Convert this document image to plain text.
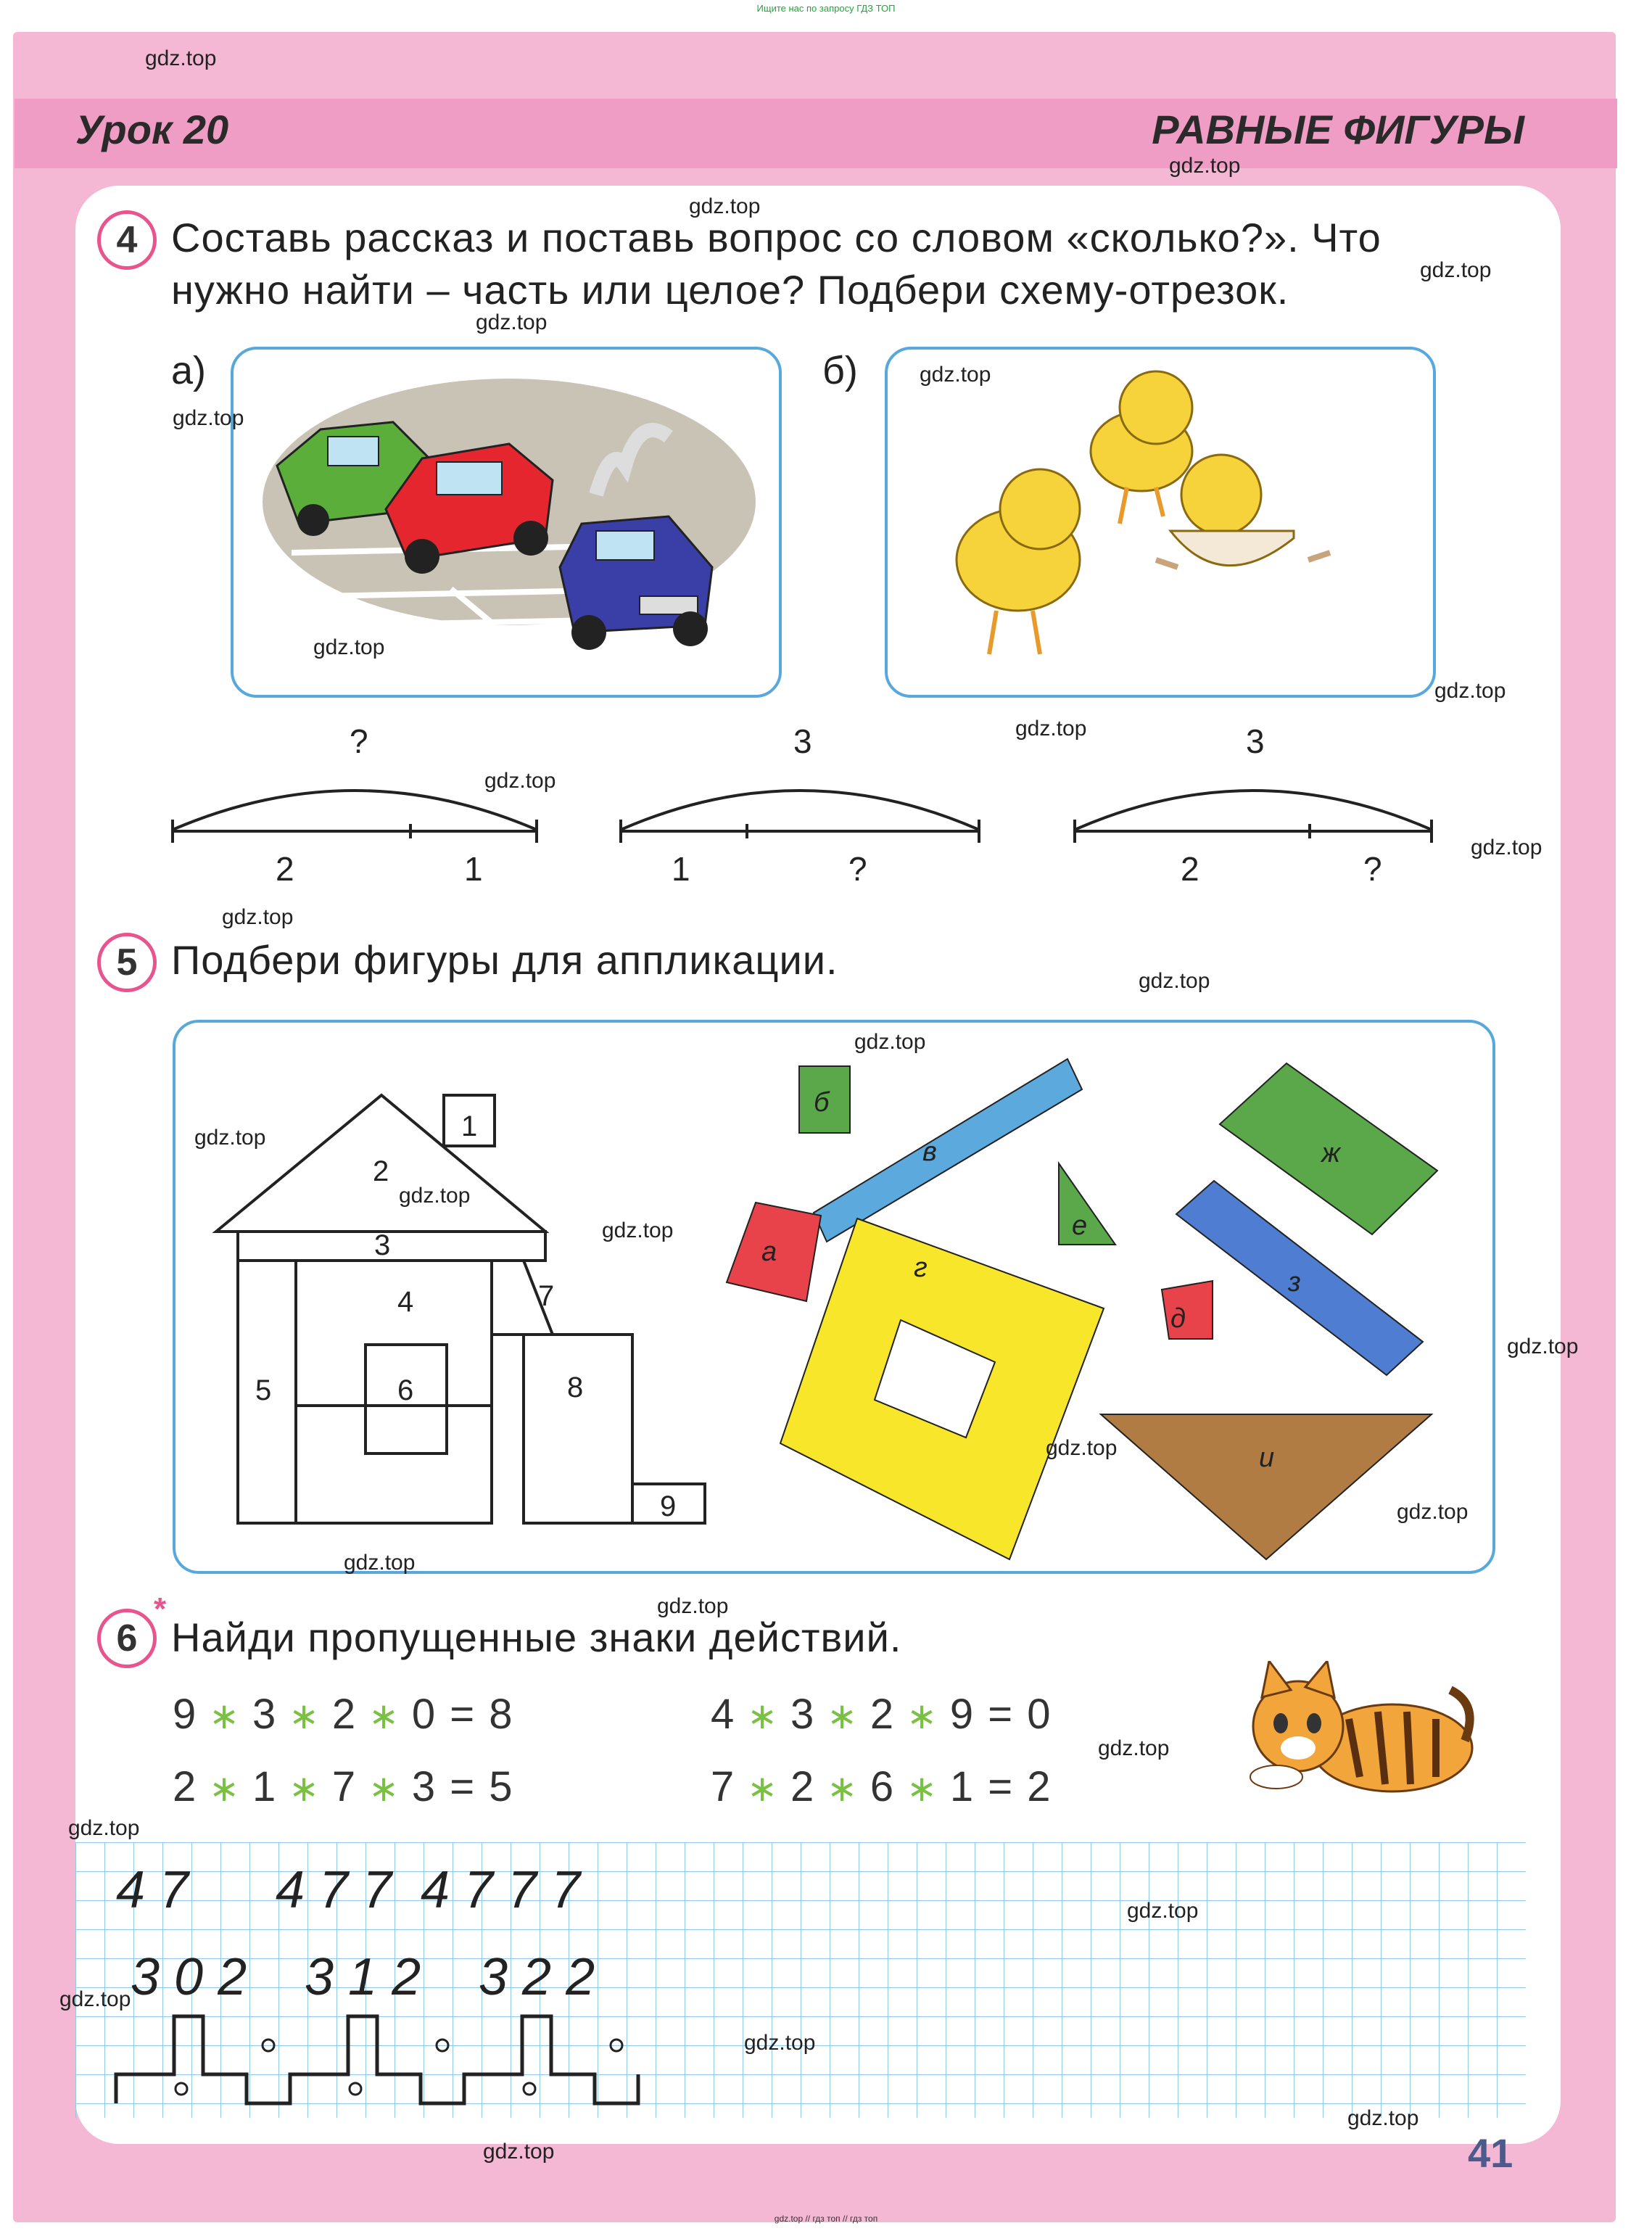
Ищите нас по запросу ГДЗ ТОП
Урок 20	РАВНЫЕ ФИГУРЫ
4 Составь рассказ и поставь вопрос со словом «сколько?». Что
нужно найти – часть или целое? Подбери схему-отрезок.
а)	б)
?
2	1
3
1	?
3
2	?
5 Подбери фигуры для аппликации.
1
2
3
4
5	6
7
8
9
б
в
а
г
е
д
ж
з
и
6
*
Найди пропущенные знаки действий.
9 ∗ 3 ∗ 2 ∗ 0 = 8
2 ∗ 1 ∗ 7 ∗ 3 = 5
4 ∗ 3 ∗ 2 ∗ 9 = 0
7 ∗ 2 ∗ 6 ∗ 1 = 2
4 7 4 7 7 4 7 7 7
3 0 2 3 1 2 3 2 2
41
gdz.top // гдз топ // гдз топ
gdz.top
gdz.top
gdz.top
gdz.top
gdz.top
gdz.top
gdz.top
gdz.top
gdz.top
gdz.top
gdz.top
gdz.top
gdz.top
gdz.top
gdz.top
gdz.top
gdz.top
gdz.top
gdz.top
gdz.top
gdz.top
gdz.top
gdz.top
gdz.top
gdz.top
gdz.top
gdz.top
gdz.top
gdz.top
gdz.top
